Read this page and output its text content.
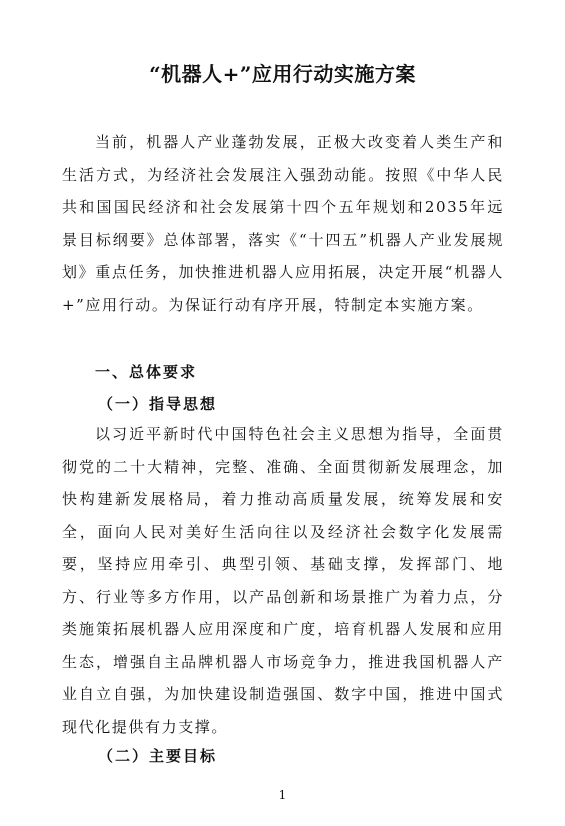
“机器人+”应用行动实施方案
当前，机器人产业蓬勃发展，正极大改变着人类生产和生活方式，为经济社会发展注入强劲动能。按照《中华人民共和国国民经济和社会发展第十四个五年规划和2035年远景目标纲要》总体部署，落实《“十四五”机器人产业发展规划》重点任务，加快推进机器人应用拓展，决定开展“机器人+”应用行动。为保证行动有序开展，特制定本实施方案。
一、总体要求
（一）指导思想
以习近平新时代中国特色社会主义思想为指导，全面贯彻党的二十大精神，完整、准确、全面贯彻新发展理念，加快构建新发展格局，着力推动高质量发展，统筹发展和安全，面向人民对美好生活向往以及经济社会数字化发展需要，坚持应用牵引、典型引领、基础支撑，发挥部门、地方、行业等多方作用，以产品创新和场景推广为着力点，分类施策拓展机器人应用深度和广度，培育机器人发展和应用生态，增强自主品牌机器人市场竞争力，推进我国机器人产业自立自强，为加快建设制造强国、数字中国，推进中国式现代化提供有力支撑。
（二）主要目标
1
